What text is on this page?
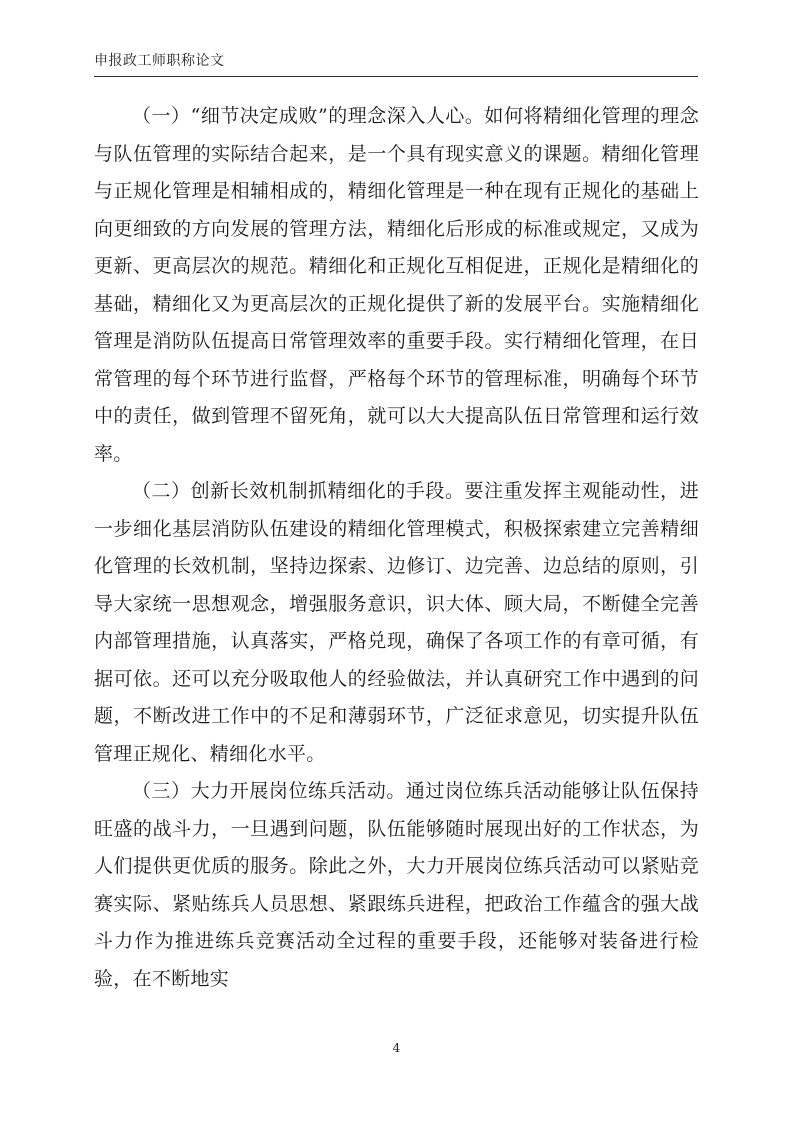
申报政工师职称论文

（一）“细节决定成败”的理念深入人心。如何将精细化管理的理念与队伍管理的实际结合起来，是一个具有现实意义的课题。精细化管理与正规化管理是相辅相成的，精细化管理是一种在现有正规化的基础上向更细致的方向发展的管理方法，精细化后形成的标准或规定，又成为更新、更高层次的规范。精细化和正规化互相促进，正规化是精细化的基础，精细化又为更高层次的正规化提供了新的发展平台。实施精细化管理是消防队伍提高日常管理效率的重要手段。实行精细化管理，在日常管理的每个环节进行监督，严格每个环节的管理标准，明确每个环节中的责任，做到管理不留死角，就可以大大提高队伍日常管理和运行效率。

（二）创新长效机制抓精细化的手段。要注重发挥主观能动性，进一步细化基层消防队伍建设的精细化管理模式，积极探索建立完善精细化管理的长效机制，坚持边探索、边修订、边完善、边总结的原则，引导大家统一思想观念，增强服务意识，识大体、顾大局，不断健全完善内部管理措施，认真落实，严格兑现，确保了各项工作的有章可循，有据可依。还可以充分吸取他人的经验做法，并认真研究工作中遇到的问题，不断改进工作中的不足和薄弱环节，广泛征求意见，切实提升队伍管理正规化、精细化水平。

（三）大力开展岗位练兵活动。通过岗位练兵活动能够让队伍保持旺盛的战斗力，一旦遇到问题，队伍能够随时展现出好的工作状态，为人们提供更优质的服务。除此之外，大力开展岗位练兵活动可以紧贴竞赛实际、紧贴练兵人员思想、紧跟练兵进程，把政治工作蕴含的强大战斗力作为推进练兵竞赛活动全过程的重要手段，还能够对装备进行检验，在不断地实

4
